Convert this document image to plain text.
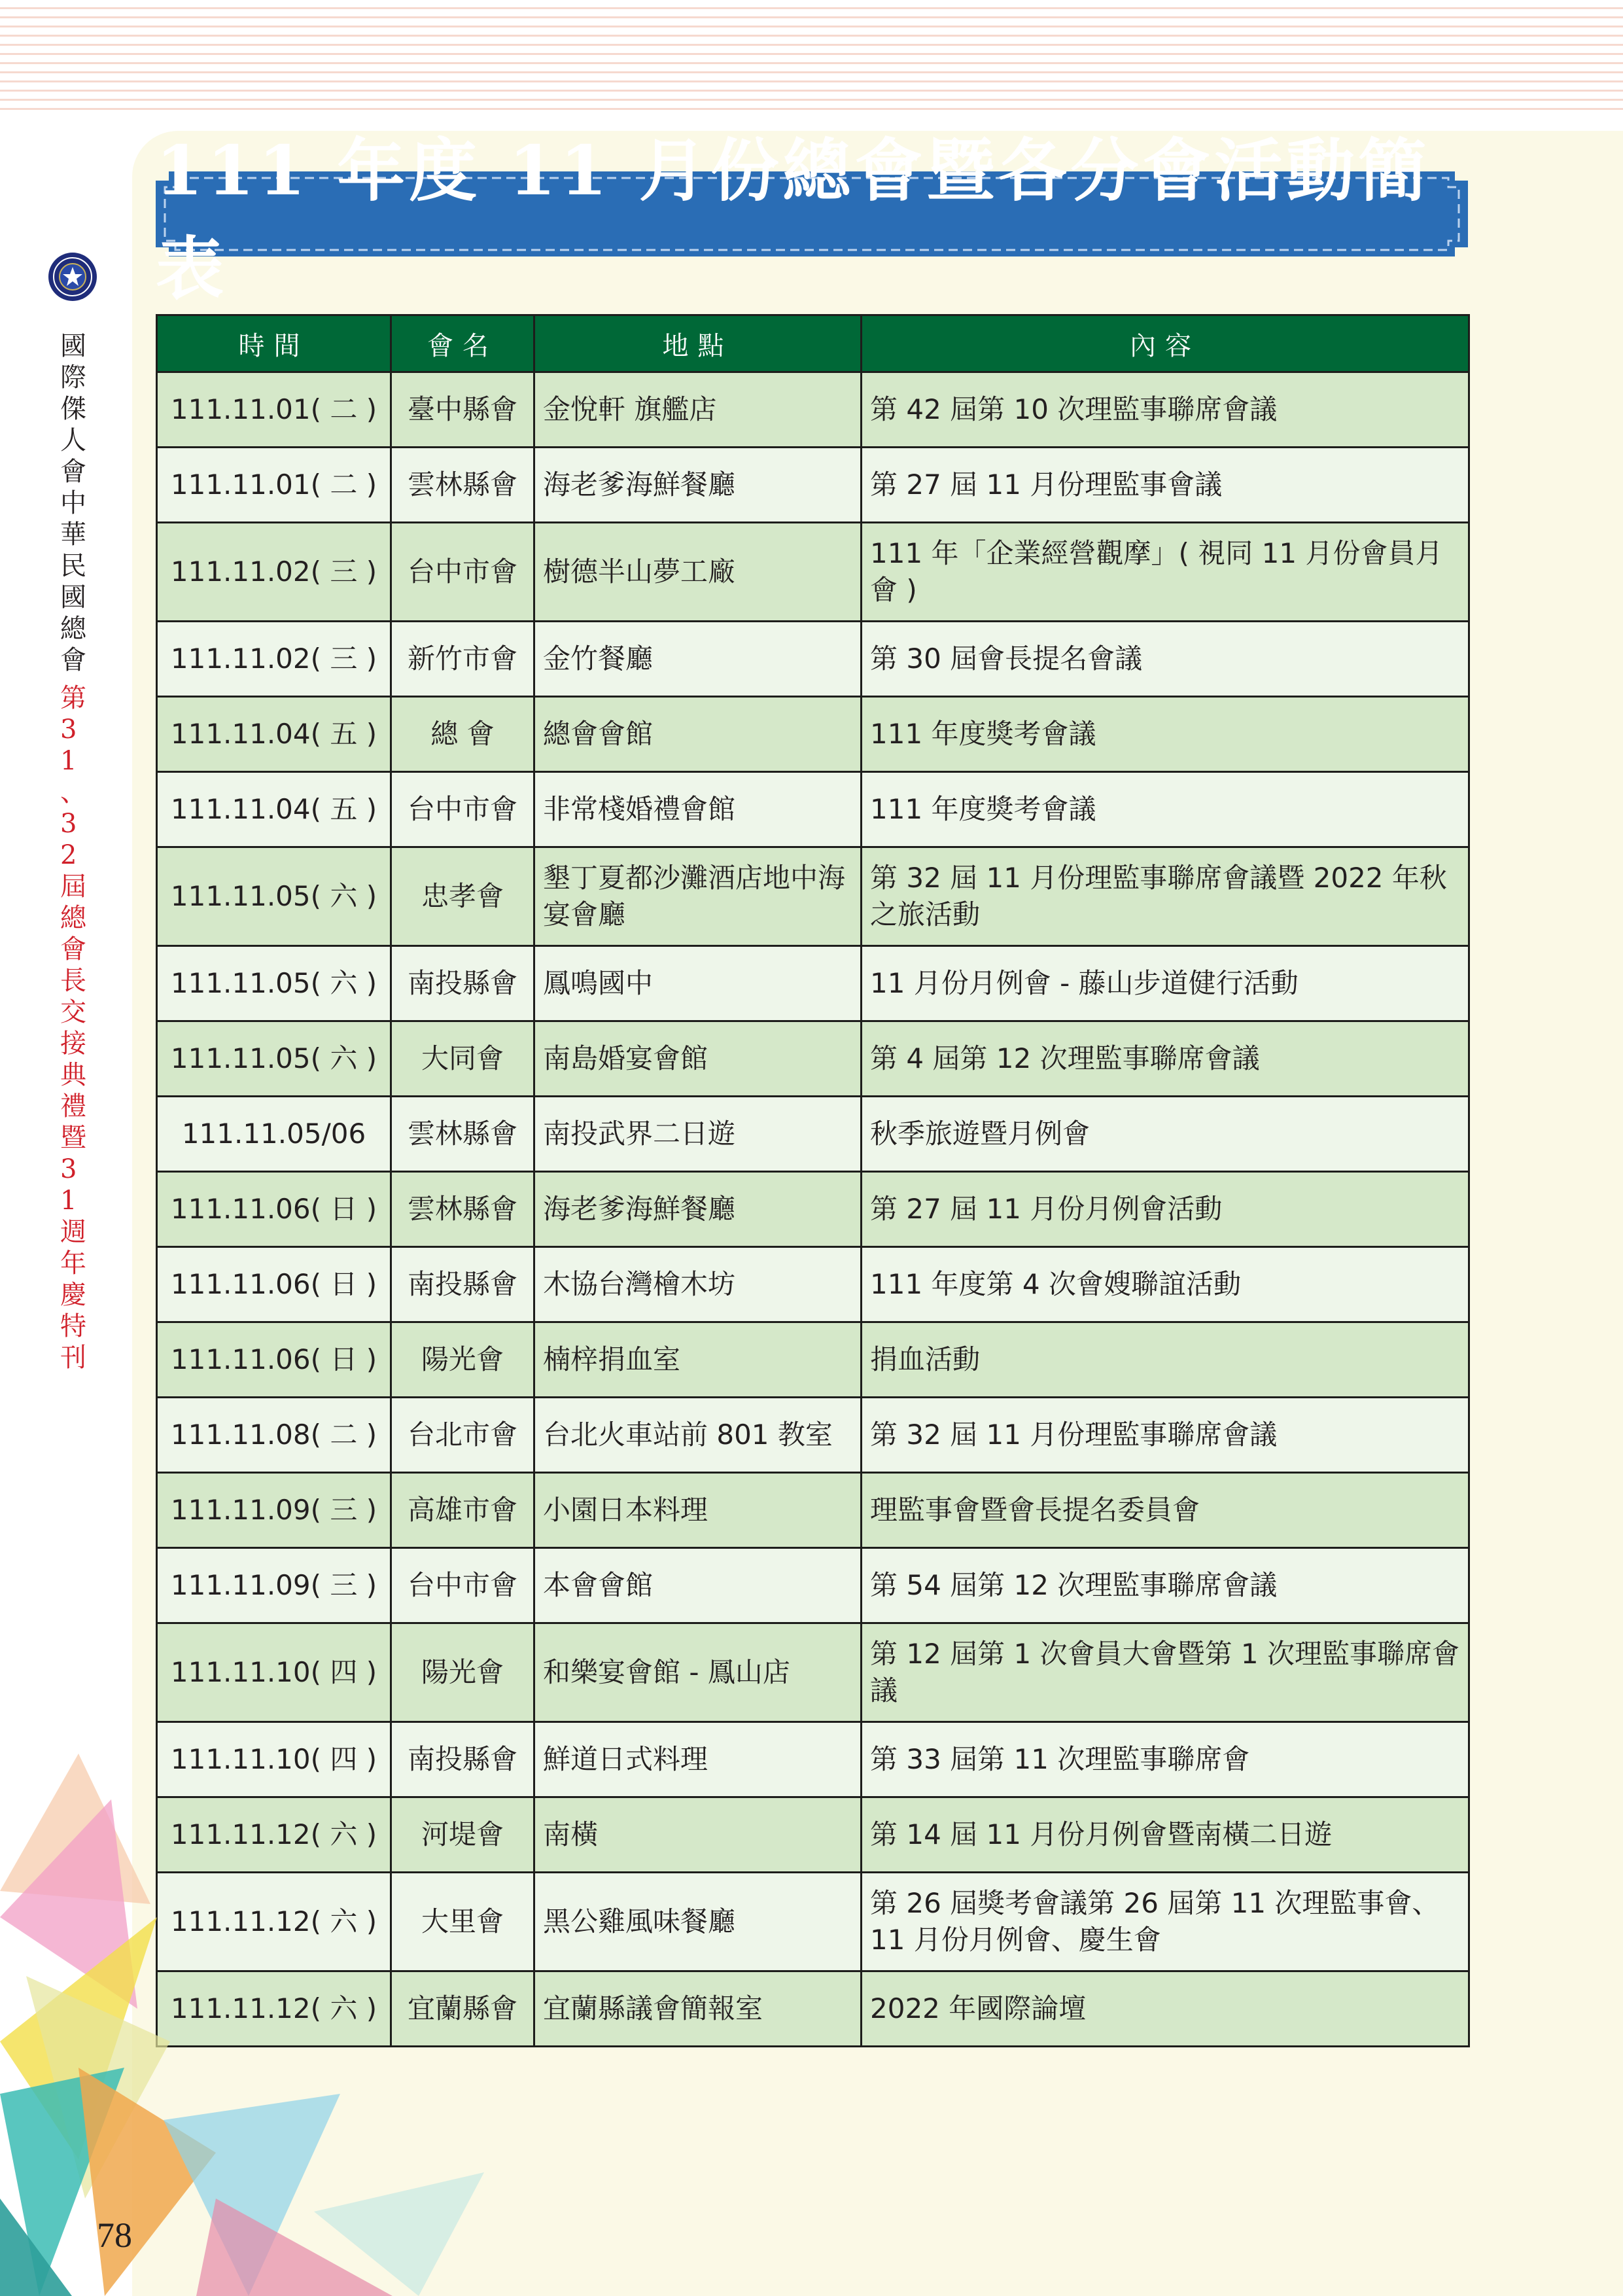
國
際
傑
人
會
中
華
民
國
總
會
第
3
1
、
3
2
屆
總
會
長
交
接
典
禮
暨
3
1
週
年
慶
特
刊
時間	會名	地點	內容
111.11.01( 二 )	臺中縣會	金悅軒 旗艦店	第 42 屆第 10 次理監事聯席會議
111.11.01( 二 )	雲林縣會	海老爹海鮮餐廳	第 27 屆 11 月份理監事會議
111.11.02( 三 )	台中市會	樹德半山夢工廠	111 年「企業經營觀摩」( 視同 11 月份會員月會 )
111.11.02( 三 )	新竹市會	金竹餐廳	第 30 屆會長提名會議
111.11.04( 五 )	總 會	總會會館	111 年度獎考會議
111.11.04( 五 )	台中市會	非常棧婚禮會館	111 年度獎考會議
111.11.05( 六 )	忠孝會	墾丁夏都沙灘酒店地中海宴會廳	第 32 屆 11 月份理監事聯席會議暨 2022 年秋之旅活動
111.11.05( 六 )	南投縣會	鳳鳴國中	11 月份月例會 - 藤山步道健行活動
111.11.05( 六 )	大同會	南島婚宴會館	第 4 屆第 12 次理監事聯席會議
111.11.05/06	雲林縣會	南投武界二日遊	秋季旅遊暨月例會
111.11.06( 日 )	雲林縣會	海老爹海鮮餐廳	第 27 屆 11 月份月例會活動
111.11.06( 日 )	南投縣會	木協台灣檜木坊	111 年度第 4 次會嫂聯誼活動
111.11.06( 日 )	陽光會	楠梓捐血室	捐血活動
111.11.08( 二 )	台北市會	台北火車站前 801 教室	第 32 屆 11 月份理監事聯席會議
111.11.09( 三 )	高雄市會	小園日本料理	理監事會暨會長提名委員會
111.11.09( 三 )	台中市會	本會會館	第 54 屆第 12 次理監事聯席會議
111.11.10( 四 )	陽光會	和樂宴會館 - 鳳山店	第 12 屆第 1 次會員大會暨第 1 次理監事聯席會議
111.11.10( 四 )	南投縣會	鮮道日式料理	第 33 屆第 11 次理監事聯席會
111.11.12( 六 )	河堤會	南橫	第 14 屆 11 月份月例會暨南橫二日遊
111.11.12( 六 )	大里會	黑公雞風味餐廳	第 26 屆獎考會議第 26 屆第 11 次理監事會、11 月份月例會、慶生會
111.11.12( 六 )	宜蘭縣會	宜蘭縣議會簡報室	2022 年國際論壇
78
